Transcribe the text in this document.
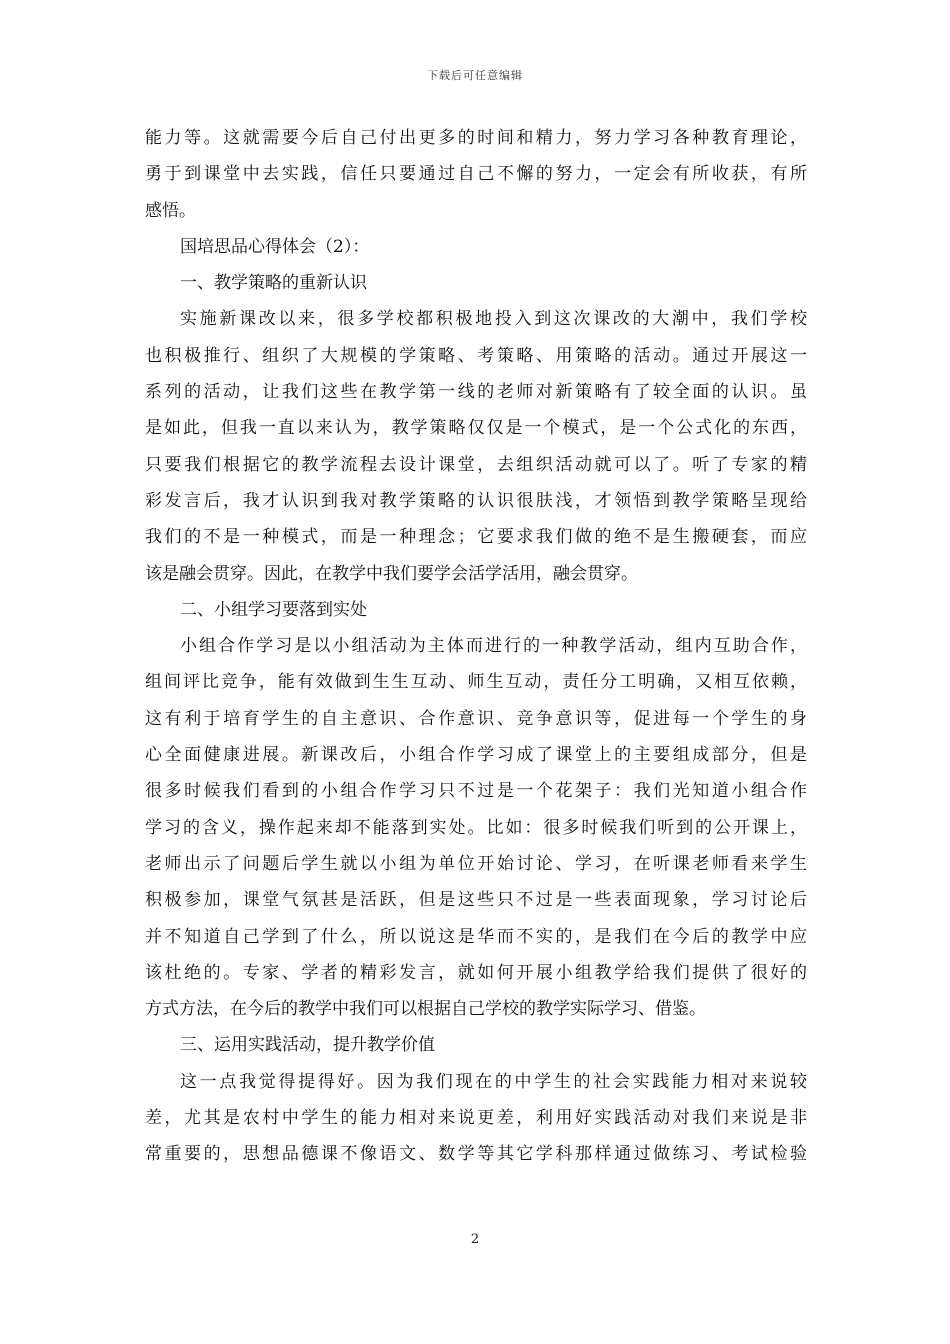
下载后可任意编辑
能力等。这就需要今后自己付出更多的时间和精力，努力学习各种教育理论，
勇于到课堂中去实践，信任只要通过自己不懈的努力，一定会有所收获，有所
感悟。
国培思品心得体会（2）：
一、教学策略的重新认识
实施新课改以来，很多学校都积极地投入到这次课改的大潮中，我们学校
也积极推行、组织了大规模的学策略、考策略、用策略的活动。通过开展这一
系列的活动，让我们这些在教学第一线的老师对新策略有了较全面的认识。虽
是如此，但我一直以来认为，教学策略仅仅是一个模式，是一个公式化的东西，
只要我们根据它的教学流程去设计课堂，去组织活动就可以了。听了专家的精
彩发言后，我才认识到我对教学策略的认识很肤浅，才领悟到教学策略呈现给
我们的不是一种模式，而是一种理念；它要求我们做的绝不是生搬硬套，而应
该是融会贯穿。因此，在教学中我们要学会活学活用，融会贯穿。
二、小组学习要落到实处
小组合作学习是以小组活动为主体而进行的一种教学活动，组内互助合作，
组间评比竞争，能有效做到生生互动、师生互动，责任分工明确，又相互依赖，
这有利于培育学生的自主意识、合作意识、竞争意识等，促进每一个学生的身
心全面健康进展。新课改后，小组合作学习成了课堂上的主要组成部分，但是
很多时候我们看到的小组合作学习只不过是一个花架子：我们光知道小组合作
学习的含义，操作起来却不能落到实处。比如：很多时候我们听到的公开课上，
老师出示了问题后学生就以小组为单位开始讨论、学习，在听课老师看来学生
积极参加，课堂气氛甚是活跃，但是这些只不过是一些表面现象，学习讨论后
并不知道自己学到了什么，所以说这是华而不实的，是我们在今后的教学中应
该杜绝的。专家、学者的精彩发言，就如何开展小组教学给我们提供了很好的
方式方法，在今后的教学中我们可以根据自己学校的教学实际学习、借鉴。
三、运用实践活动，提升教学价值
这一点我觉得提得好。因为我们现在的中学生的社会实践能力相对来说较
差，尤其是农村中学生的能力相对来说更差，利用好实践活动对我们来说是非
常重要的，思想品德课不像语文、数学等其它学科那样通过做练习、考试检验
2
